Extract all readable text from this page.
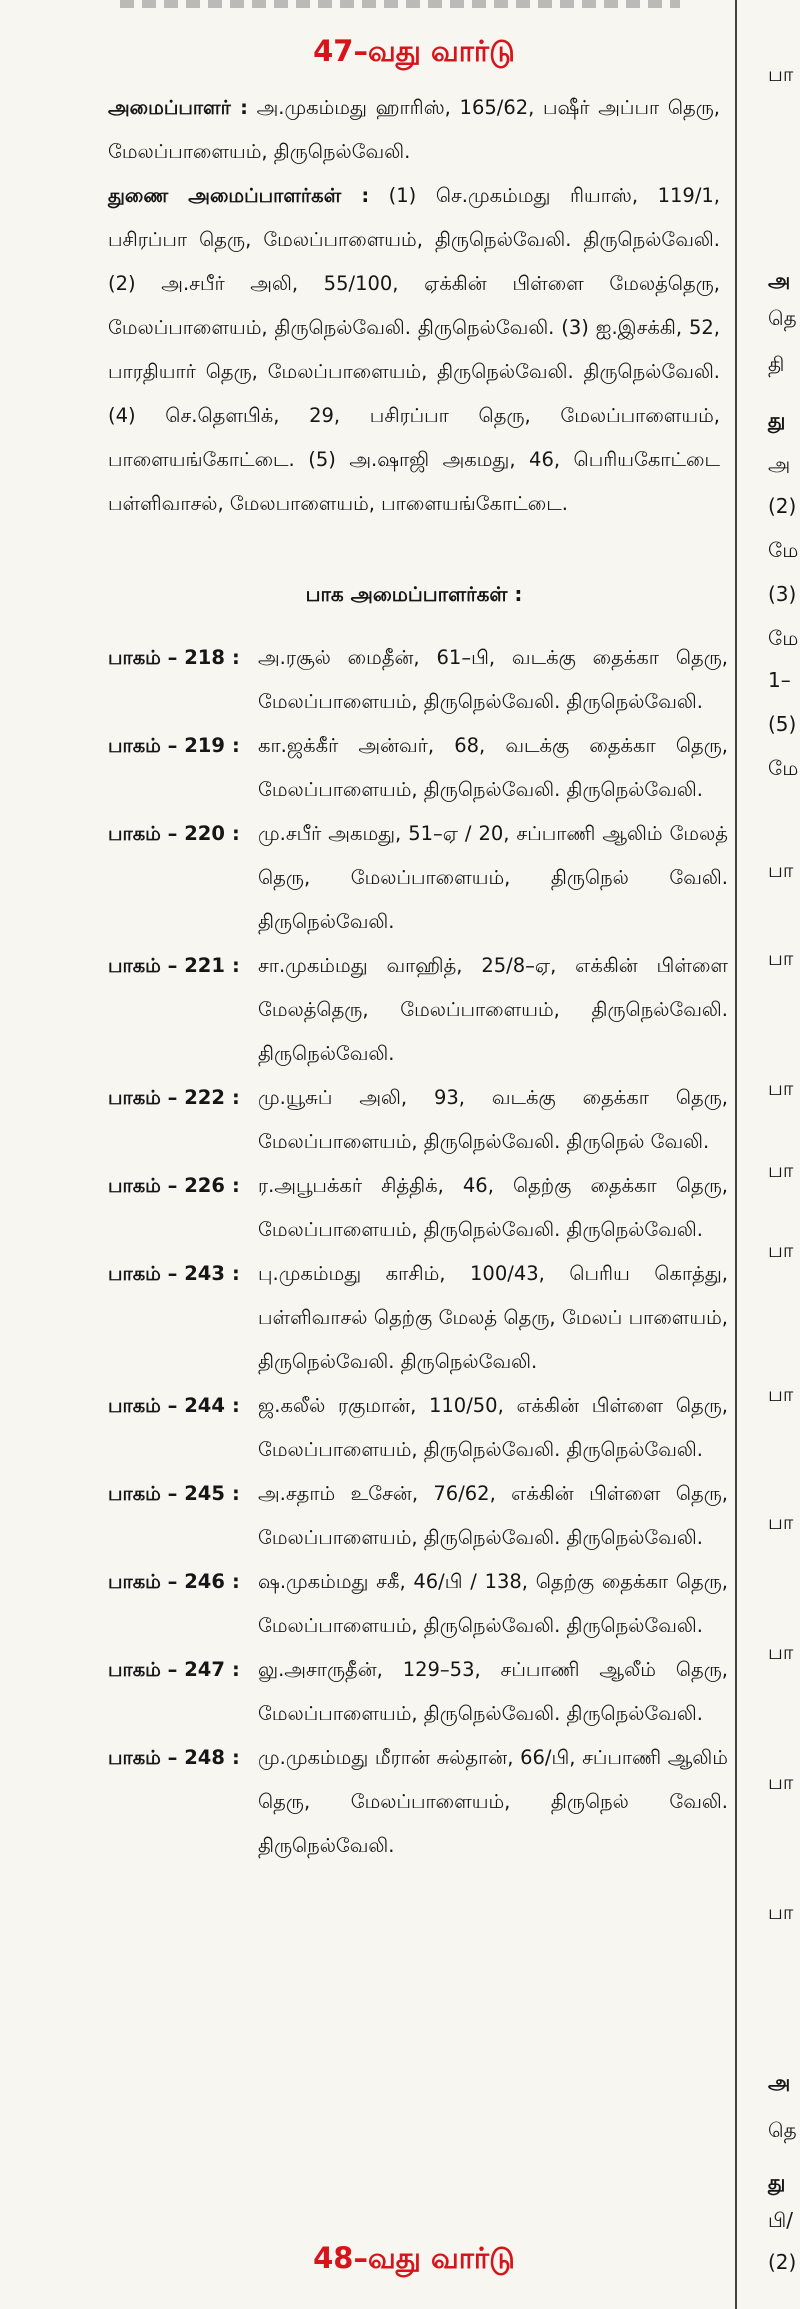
47–வது வார்டு
அமைப்பாளர் : அ.முகம்மது ஹாரிஸ், 165/62, பஷீர் அப்பா தெரு, மேலப்பாளையம், திருநெல்வேலி.
துணை அமைப்பாளர்கள் : (1) செ.முகம்மது ரியாஸ், 119/1, பசிரப்பா தெரு, மேலப்பாளையம், திருநெல்வேலி. திருநெல்வேலி. (2) அ.சபீர் அலி, 55/100, ஏக்கின் பிள்ளை மேலத்தெரு, மேலப்பாளையம், திருநெல்வேலி. திருநெல்வேலி. (3) ஐ.இசக்கி, 52, பாரதியார் தெரு, மேலப்பாளையம், திருநெல்வேலி. திருநெல்வேலி. (4) செ.தௌபிக், 29, பசிரப்பா தெரு, மேலப்பாளையம், பாளையங்கோட்டை. (5) அ.ஷாஜி அகமது, 46, பெரியகோட்டை பள்ளிவாசல், மேலபாளையம், பாளையங்கோட்டை.
பாக அமைப்பாளர்கள் :
பாகம் – 218 : அ.ரசூல் மைதீன், 61–பி, வடக்கு தைக்கா தெரு, மேலப்பாளையம், திருநெல்வேலி. திருநெல்வேலி.
பாகம் – 219 : கா.ஜக்கீர் அன்வர், 68, வடக்கு தைக்கா தெரு, மேலப்பாளையம், திருநெல்வேலி. திருநெல்வேலி.
பாகம் – 220 : மு.சபீர் அகமது, 51–ஏ / 20, சப்பாணி ஆலிம் மேலத் தெரு, மேலப்பாளையம், திருநெல் வேலி. திருநெல்வேலி.
பாகம் – 221 : சா.முகம்மது வாஹித், 25/8–ஏ, எக்கின் பிள்ளை மேலத்தெரு, மேலப்பாளையம், திருநெல்வேலி. திருநெல்வேலி.
பாகம் – 222 : மு.யூசுப் அலி, 93, வடக்கு தைக்கா தெரு, மேலப்பாளையம், திருநெல்வேலி. திருநெல் வேலி.
பாகம் – 226 : ர.அபூபக்கர் சித்திக், 46, தெற்கு தைக்கா தெரு, மேலப்பாளையம், திருநெல்வேலி. திருநெல்வேலி.
பாகம் – 243 : பு.முகம்மது காசிம், 100/43, பெரிய கொத்து, பள்ளிவாசல் தெற்கு மேலத் தெரு, மேலப் பாளையம், திருநெல்வேலி. திருநெல்வேலி.
பாகம் – 244 : ஜ.கலீல் ரகுமான், 110/50, எக்கின் பிள்ளை தெரு, மேலப்பாளையம், திருநெல்வேலி. திருநெல்வேலி.
பாகம் – 245 : அ.சதாம் உசேன், 76/62, எக்கின் பிள்ளை தெரு, மேலப்பாளையம், திருநெல்வேலி. திருநெல்வேலி.
பாகம் – 246 : ஷ.முகம்மது சகீ, 46/பி / 138, தெற்கு தைக்கா தெரு, மேலப்பாளையம், திருநெல்வேலி. திருநெல்வேலி.
பாகம் – 247 : லு.அசாருதீன், 129–53, சப்பாணி ஆலீம் தெரு, மேலப்பாளையம், திருநெல்வேலி. திருநெல்வேலி.
பாகம் – 248 : மு.முகம்மது மீரான் சுல்தான், 66/பி, சப்பாணி ஆலிம் தெரு, மேலப்பாளையம், திருநெல் வேலி. திருநெல்வேலி.
48–வது வார்டு
பா
அ
தெ
தி
து
அ
(2)
மே
(3)
மே
1–
(5)
மே
பா
பா
பா
பா
பா
பா
பா
பா
பா
பா
அ
தெ
து
பி/
(2)
